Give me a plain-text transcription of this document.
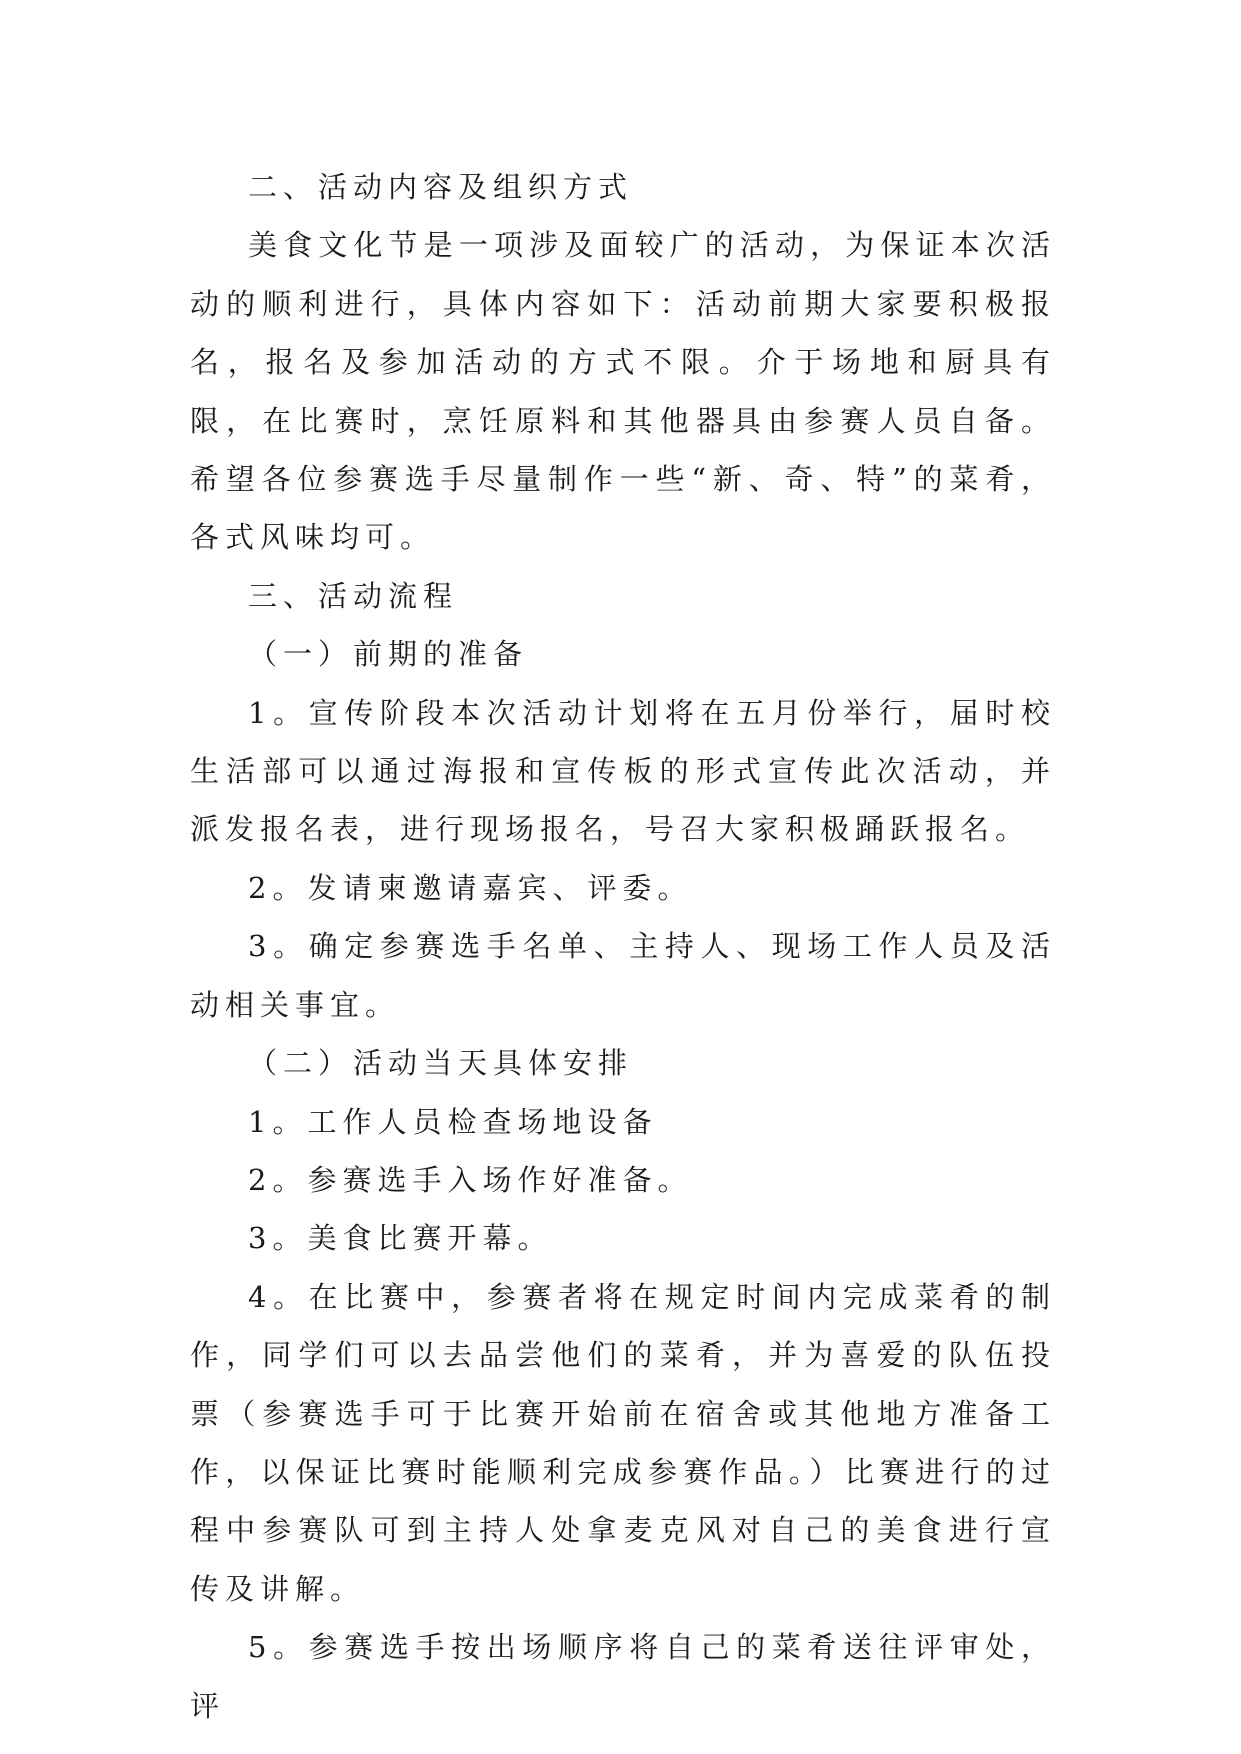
二、活动内容及组织方式

美食文化节是一项涉及面较广的活动，为保证本次活动的顺利进行，具体内容如下：活动前期大家要积极报名，报名及参加活动的方式不限。介于场地和厨具有限，在比赛时，烹饪原料和其他器具由参赛人员自备。希望各位参赛选手尽量制作一些“新、奇、特”的菜肴，各式风味均可。

三、活动流程

（一）前期的准备

1。宣传阶段本次活动计划将在五月份举行，届时校生活部可以通过海报和宣传板的形式宣传此次活动，并派发报名表，进行现场报名，号召大家积极踊跃报名。

2。发请柬邀请嘉宾、评委。

3。确定参赛选手名单、主持人、现场工作人员及活动相关事宜。

（二）活动当天具体安排

1。工作人员检查场地设备

2。参赛选手入场作好准备。

3。美食比赛开幕。

4。在比赛中，参赛者将在规定时间内完成菜肴的制作，同学们可以去品尝他们的菜肴，并为喜爱的队伍投票（参赛选手可于比赛开始前在宿舍或其他地方准备工作，以保证比赛时能顺利完成参赛作品。）比赛进行的过程中参赛队可到主持人处拿麦克风对自己的美食进行宣传及讲解。

5。参赛选手按出场顺序将自己的菜肴送往评审处，评
